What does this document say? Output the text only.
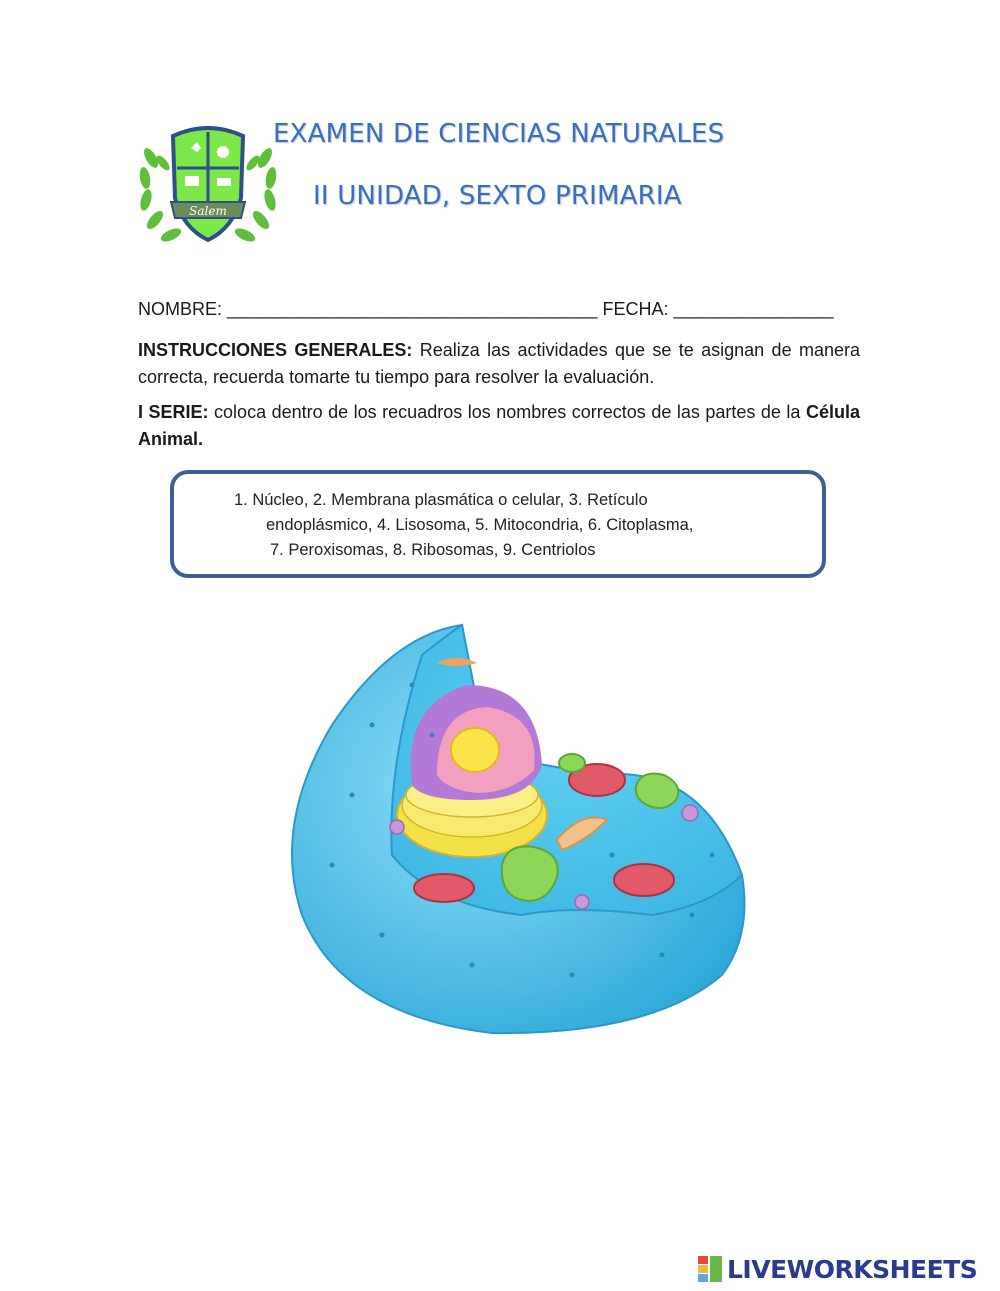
Salem
EXAMEN DE CIENCIAS NATURALES
II UNIDAD, SEXTO PRIMARIA
NOMBRE: _____________________________________ FECHA: ________________
INSTRUCCIONES GENERALES: Realiza las actividades que se te asignan de manera correcta, recuerda tomarte tu tiempo para resolver la evaluación.
I SERIE: coloca dentro de los recuadros los nombres correctos de las partes de la Célula Animal.
1. Núcleo, 2. Membrana plasmática o celular, 3. Retículo
endoplásmico, 4. Lisosoma, 5. Mitocondria, 6. Citoplasma,
7. Peroxisomas, 8. Ribosomas, 9. Centriolos
LIVEWORKSHEETS
